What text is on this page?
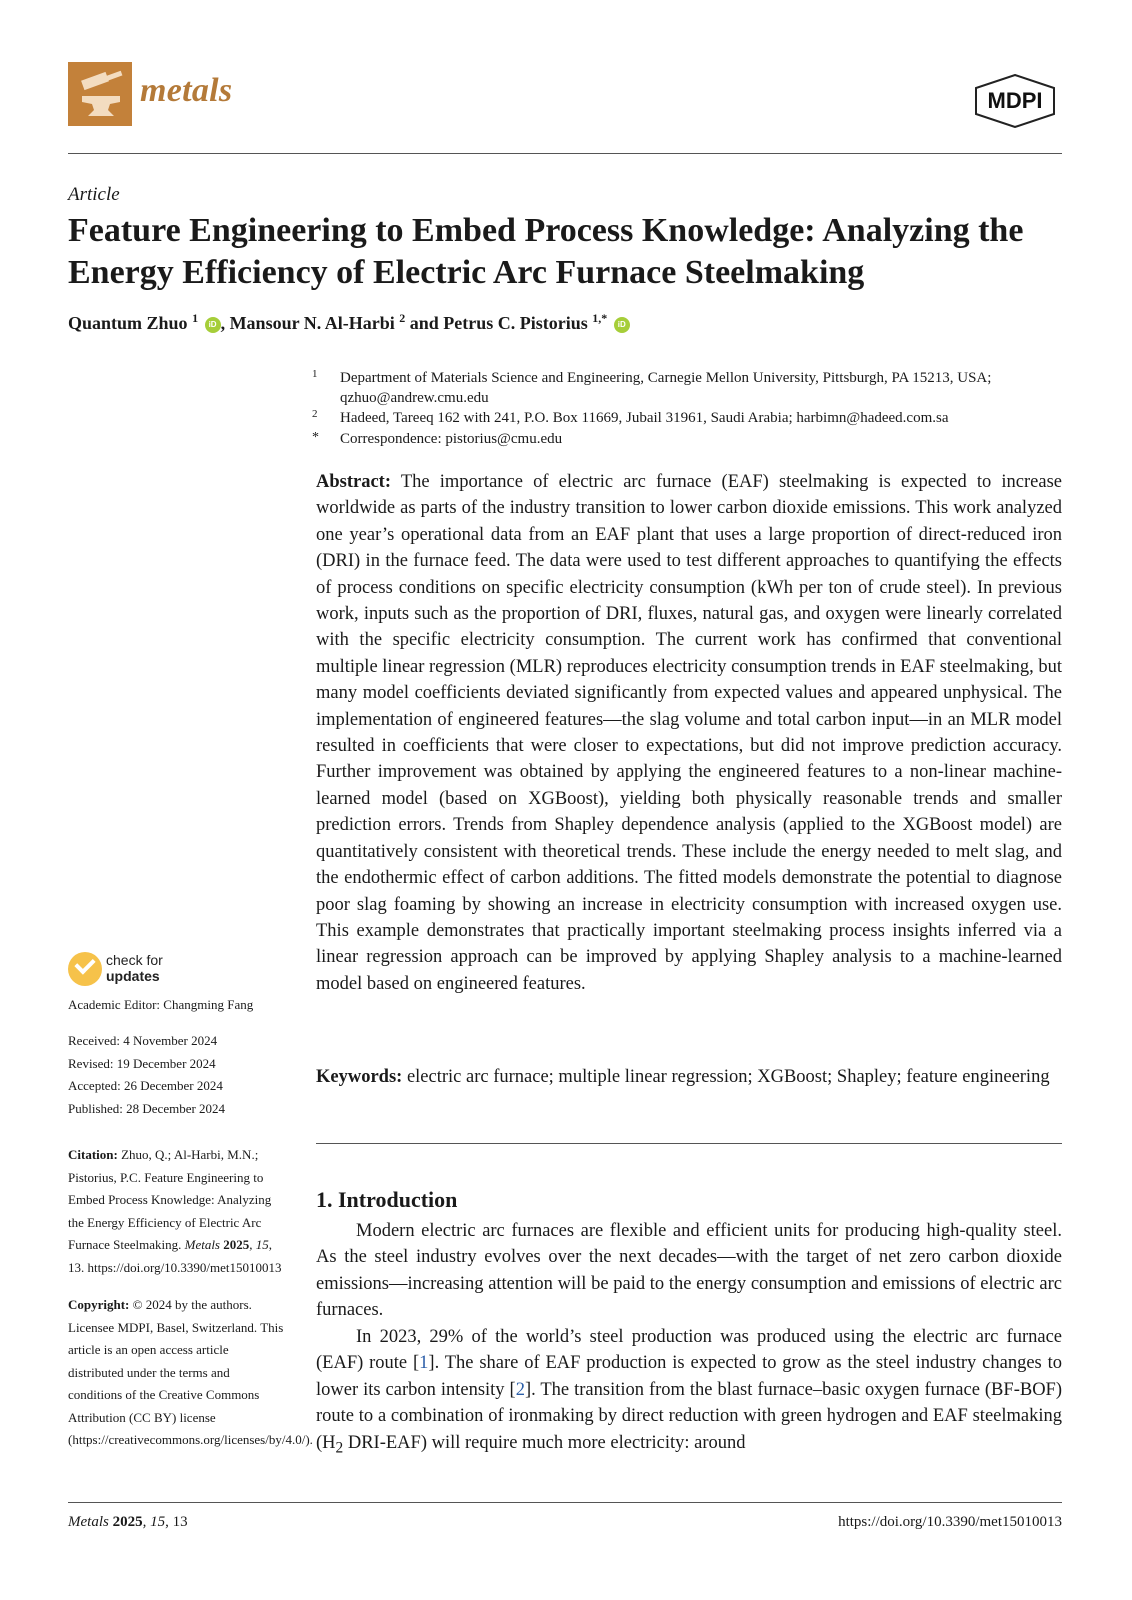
metals	MDPI
Article
Feature Engineering to Embed Process Knowledge: Analyzing the Energy Efficiency of Electric Arc Furnace Steelmaking
Quantum Zhuo $^1$ iD , Mansour N. Al-Harbi $^2$ and Petrus C. Pistorius $^{1,*}$ iD
1 Department of Materials Science and Engineering, Carnegie Mellon University, Pittsburgh, PA 15213, USA;
qzhuo@andrew.cmu.edu
2 Hadeed, Tareeq 162 with 241, P.O. Box 11669, Jubail 31961, Saudi Arabia; harbimn@hadeed.com.sa
* Correspondence: pistorius@cmu.edu

Abstract: The importance of electric arc furnace (EAF) steelmaking is expected to increase worldwide as parts of the industry transition to lower carbon dioxide emissions. This work analyzed one year’s operational data from an EAF plant that uses a large proportion of direct-reduced iron (DRI) in the furnace feed. The data were used to test different approaches to quantifying the effects of process conditions on specific electricity consumption (kWh per ton of crude steel). In previous work, inputs such as the proportion of DRI, fluxes, natural gas, and oxygen were linearly correlated with the specific electricity consumption. The current work has confirmed that conventional multiple linear regression (MLR) reproduces electricity consumption trends in EAF steelmaking, but many model coefficients deviated significantly from expected values and appeared unphysical. The implementation of engineered features—the slag volume and total carbon input—in an MLR model resulted in coefficients that were closer to expectations, but did not improve prediction accuracy. Further improvement was obtained by applying the engineered features to a non-linear machine-learned model (based on XGBoost), yielding both physically reasonable trends and smaller prediction errors. Trends from Shapley dependence analysis (applied to the XGBoost model) are quantitatively consistent with theoretical trends. These include the energy needed to melt slag, and the endothermic effect of carbon additions. The fitted models demonstrate the potential to diagnose poor slag foaming by showing an increase in electricity consumption with increased oxygen use. This example demonstrates that practically important steelmaking process insights inferred via a linear regression approach can be improved by applying Shapley analysis to a machine-learned model based on engineered features.

Keywords: electric arc furnace; multiple linear regression; XGBoost; Shapley; feature engineering

1. Introduction

Modern electric arc furnaces are flexible and efficient units for producing high-quality steel. As the steel industry evolves over the next decades—with the target of net zero carbon dioxide emissions—increasing attention will be paid to the energy consumption and emissions of electric arc furnaces.

In 2023, 29% of the world’s steel production was produced using the electric arc furnace (EAF) route [1]. The share of EAF production is expected to grow as the steel industry changes to lower its carbon intensity [2]. The transition from the blast furnace–basic oxygen furnace (BF-BOF) route to a combination of ironmaking by direct reduction with green hydrogen and EAF steelmaking ($H_2$ DRI-EAF) will require much more electricity: around

check for
updates
Academic Editor: Changming Fang
Received: 4 November 2024
Revised: 19 December 2024
Accepted: 26 December 2024
Published: 28 December 2024
Citation: Zhuo, Q.; Al-Harbi, M.N.; Pistorius, P.C. Feature Engineering to Embed Process Knowledge: Analyzing the Energy Efficiency of Electric Arc Furnace Steelmaking. Metals 2025, 15, 13. https://doi.org/10.3390/met15010013
Copyright: © 2024 by the authors. Licensee MDPI, Basel, Switzerland. This article is an open access article distributed under the terms and conditions of the Creative Commons Attribution (CC BY) license (https://creativecommons.org/licenses/by/4.0/).
Metals 2025, 15, 13	https://doi.org/10.3390/met15010013
